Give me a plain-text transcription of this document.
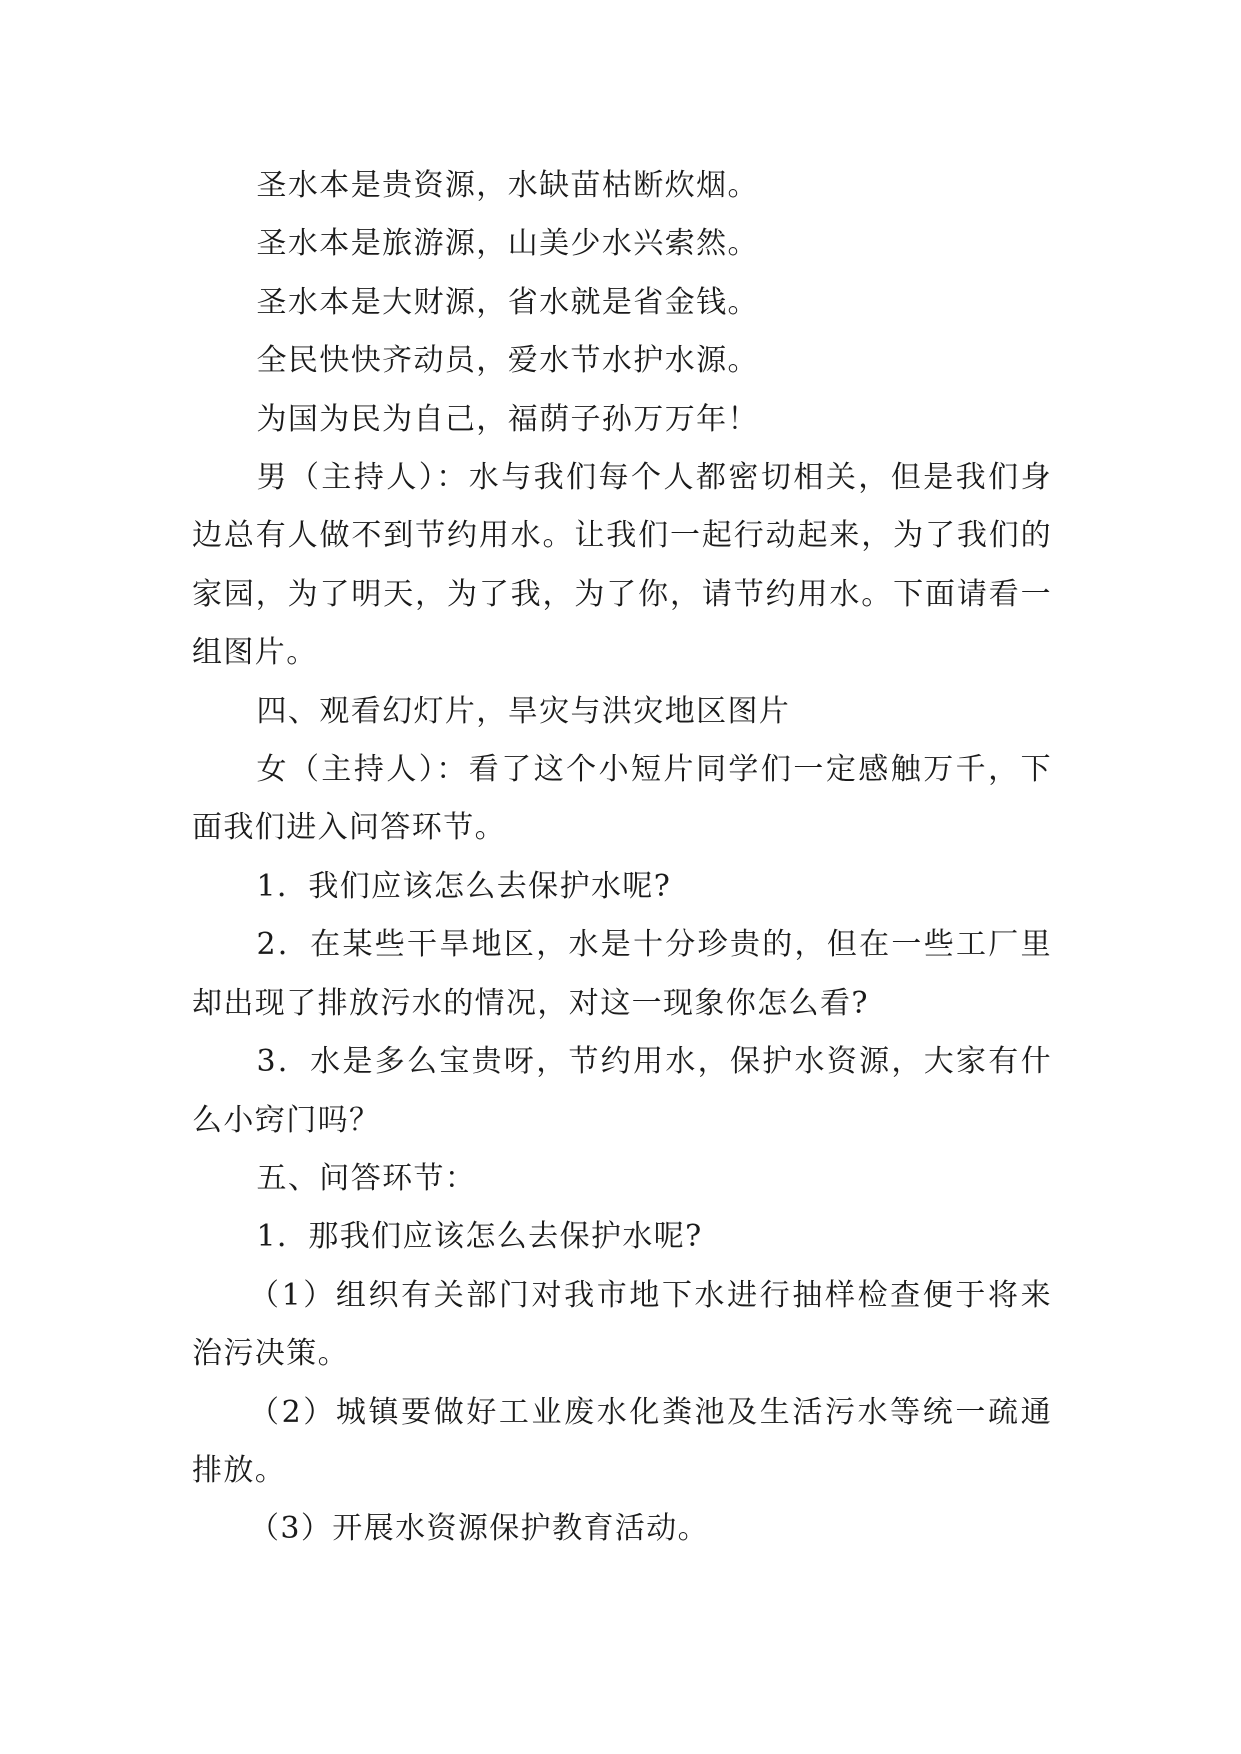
圣水本是贵资源，水缺苗枯断炊烟。

圣水本是旅游源，山美少水兴索然。

圣水本是大财源，省水就是省金钱。

全民快快齐动员，爱水节水护水源。

为国为民为自己，福荫子孙万万年！

男（主持人）：水与我们每个人都密切相关，但是我们身边总有人做不到节约用水。让我们一起行动起来，为了我们的家园，为了明天，为了我，为了你，请节约用水。下面请看一组图片。

四、观看幻灯片，旱灾与洪灾地区图片

女（主持人）：看了这个小短片同学们一定感触万千，下面我们进入问答环节。

1．我们应该怎么去保护水呢?

2．在某些干旱地区，水是十分珍贵的，但在一些工厂里却出现了排放污水的情况，对这一现象你怎么看?

3．水是多么宝贵呀，节约用水，保护水资源，大家有什么小窍门吗？

五、问答环节：

1．那我们应该怎么去保护水呢?

（1）组织有关部门对我市地下水进行抽样检查便于将来治污决策。

（2）城镇要做好工业废水化粪池及生活污水等统一疏通排放。

（3）开展水资源保护教育活动。
